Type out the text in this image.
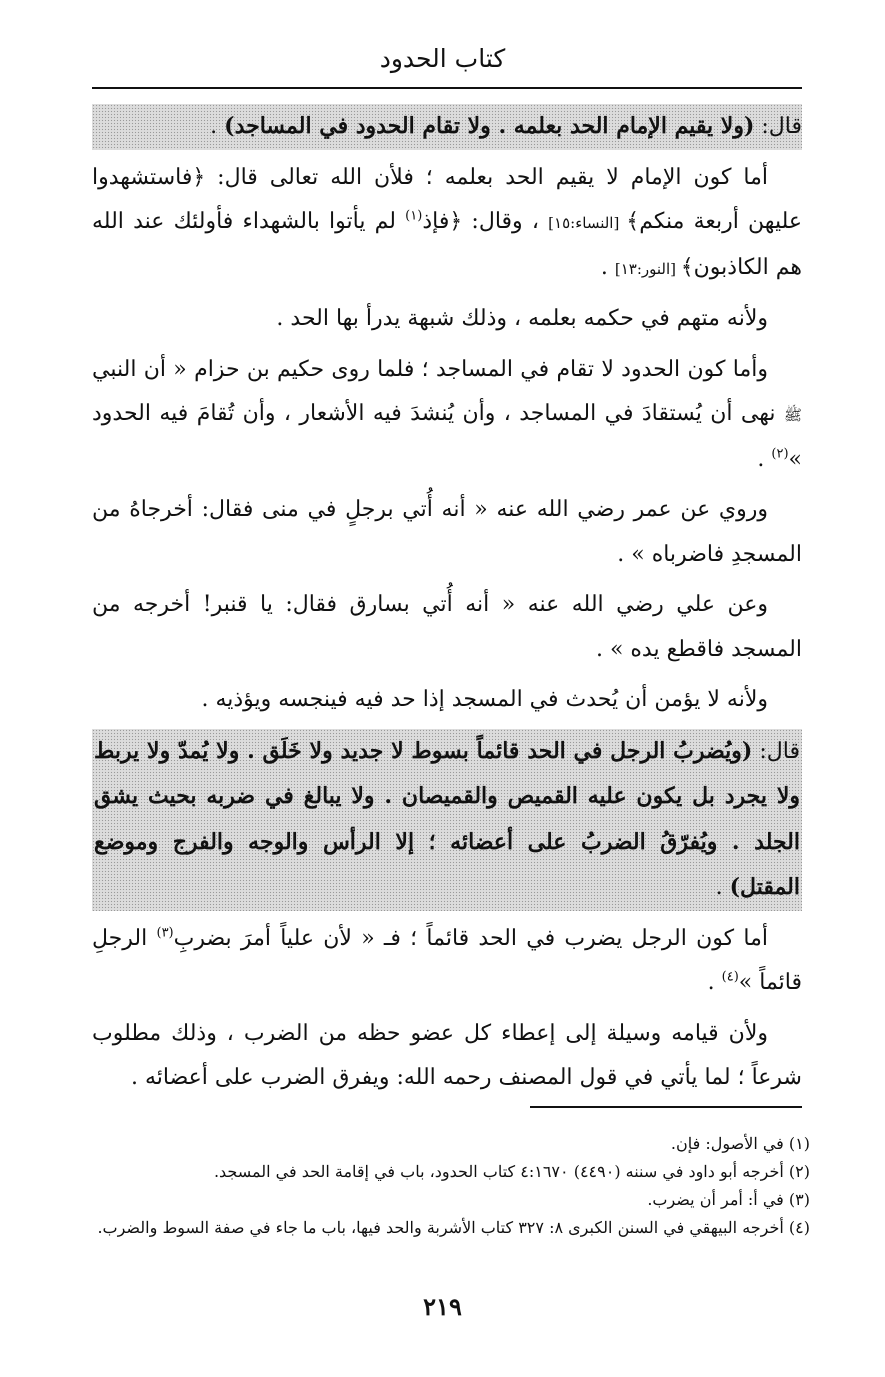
كتاب الحدود

قال: (ولا يقيم الإمام الحد بعلمه . ولا تقام الحدود في المساجد) .

أما كون الإمام لا يقيم الحد بعلمه ؛ فلأن الله تعالى قال: ﴿فاستشهدوا عليهن أربعة منكم﴾ [النساء:١٥] ، وقال: ﴿فإذ$^{(١)}$ لم يأتوا بالشهداء فأولئك عند الله هم الكاذبون﴾ [النور:١٣] .

ولأنه متهم في حكمه بعلمه ، وذلك شبهة يدرأ بها الحد .

وأما كون الحدود لا تقام في المساجد ؛ فلما روى حكيم بن حزام « أن النبي ﷺ نهى أن يُستقادَ في المساجد ، وأن يُنشدَ فيه الأشعار ، وأن تُقامَ فيه الحدود »$^{(٢)}$ .

وروي عن عمر رضي الله عنه « أنه أُتي برجلٍ في منى فقال: أخرجاهُ من المسجدِ فاضرباه » .

وعن علي رضي الله عنه « أنه أُتي بسارق فقال: يا قنبر! أخرجه من المسجد فاقطع يده » .

ولأنه لا يؤمن أن يُحدث في المسجد إذا حد فيه فينجسه ويؤذيه .

قال: (ويُضربُ الرجل في الحد قائماً بسوط لا جديد ولا خَلَق . ولا يُمدّ ولا يربط ولا يجرد بل يكون عليه القميص والقميصان . ولا يبالغ في ضربه بحيث يشق الجلد . ويُفرّقُ الضربُ على أعضائه ؛ إلا الرأس والوجه والفرج وموضع المقتل) .

أما كون الرجل يضرب في الحد قائماً ؛ فـ « لأن علياً أمرَ بضربِ$^{(٣)}$ الرجلِ قائماً »$^{(٤)}$ .

ولأن قيامه وسيلة إلى إعطاء كل عضو حظه من الضرب ، وذلك مطلوب شرعاً ؛ لما يأتي في قول المصنف رحمه الله: ويفرق الضرب على أعضائه .

(١) في الأصول: فإن.
(٢) أخرجه أبو داود في سننه (٤٤٩٠) ٤:١٦٧٠ كتاب الحدود، باب في إقامة الحد في المسجد.
(٣) في أ: أمر أن يضرب.
(٤) أخرجه البيهقي في السنن الكبرى ٨: ٣٢٧ كتاب الأشربة والحد فيها، باب ما جاء في صفة السوط والضرب.
٢١٩
